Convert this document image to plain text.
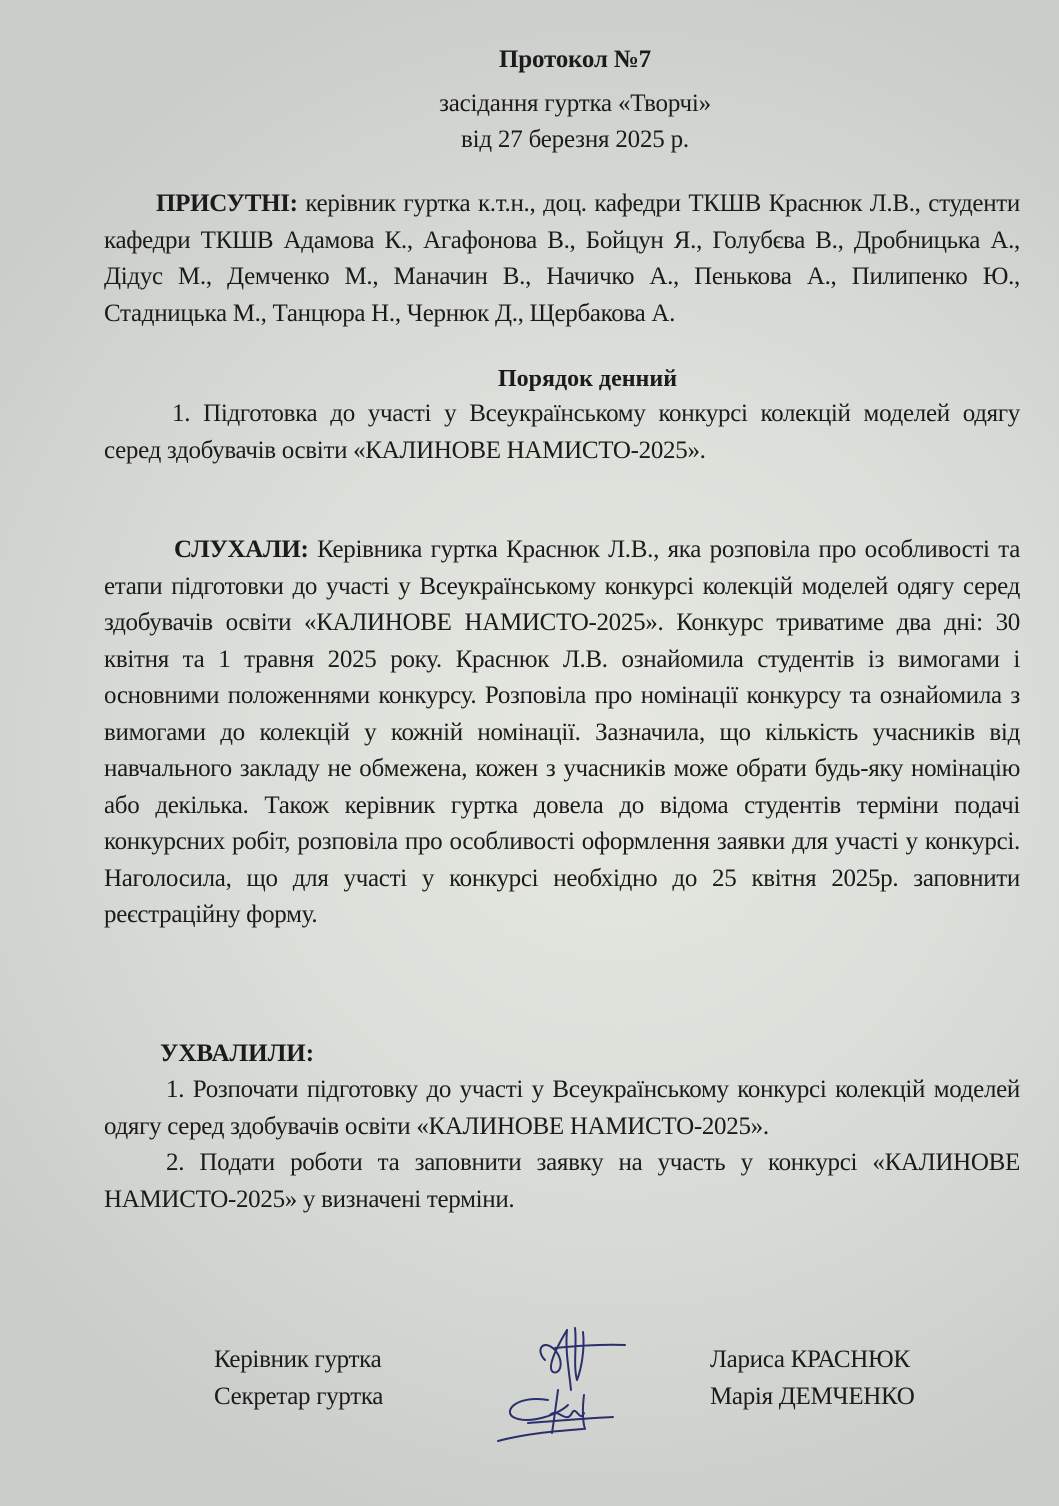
Протокол №7
засідання гуртка «Творчі»
від 27 березня 2025 р.
ПРИСУТНІ: керівник гуртка к.т.н., доц. кафедри ТКШВ Краснюк Л.В., студенти кафедри ТКШВ Адамова К., Агафонова В., Бойцун Я., Голубєва В., Дробницька А., Дідус М., Демченко М., Маначин В., Начичко А., Пенькова А., Пилипенко Ю., Стадницька М., Танцюра Н., Чернюк Д., Щербакова А.
Порядок денний
1. Підготовка до участі у Всеукраїнському конкурсі колекцій моделей одягу серед здобувачів освіти «КАЛИНОВЕ НАМИСТО-2025».
СЛУХАЛИ: Керівника гуртка Краснюк Л.В., яка розповіла про особливості та етапи підготовки до участі у Всеукраїнському конкурсі колекцій моделей одягу серед здобувачів освіти «КАЛИНОВЕ НАМИСТО-2025». Конкурс триватиме два дні: 30 квітня та 1 травня 2025 року. Краснюк Л.В. ознайомила студентів із вимогами і основними положеннями конкурсу. Розповіла про номінації конкурсу та ознайомила з вимогами до колекцій у кожній номінації. Зазначила, що кількість учасників від навчального закладу не обмежена, кожен з учасників може обрати будь-яку номінацію або декілька. Також керівник гуртка довела до відома студентів терміни подачі конкурсних робіт, розповіла про особливості оформлення заявки для участі у конкурсі. Наголосила, що для участі у конкурсі необхідно до 25 квітня 2025р. заповнити реєстраційну форму.
УХВАЛИЛИ:
1. Розпочати підготовку до участі у Всеукраїнському конкурсі колекцій моделей одягу серед здобувачів освіти «КАЛИНОВЕ НАМИСТО-2025».
2. Подати роботи та заповнити заявку на участь у конкурсі «КАЛИНОВЕ НАМИСТО-2025» у визначені терміни.
Керівник гуртка	Лариса КРАСНЮК
Секретар гуртка	Марія ДЕМЧЕНКО
